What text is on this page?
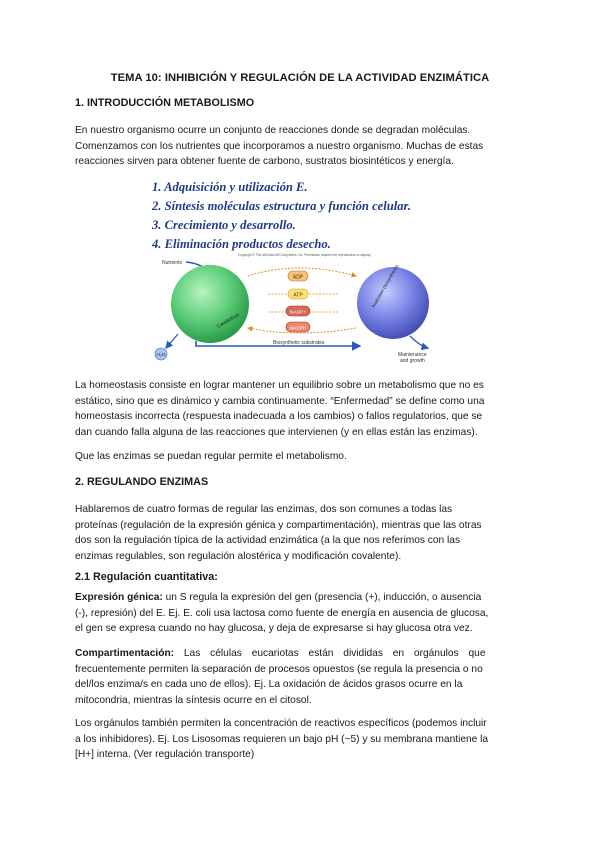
TEMA 10: INHIBICIÓN Y REGULACIÓN DE LA ACTIVIDAD ENZIMÁTICA
1. INTRODUCCIÓN METABOLISMO
En nuestro organismo ocurre un conjunto de reacciones donde se degradan moléculas.
Comenzamos con los nutrientes que incorporamos a nuestro organismo. Muchas de estas
reacciones sirven para obtener fuente de carbono, sustratos biosintéticos y energía.
1. Adquisición y utilización E.
2. Síntesis moléculas estructura y función celular.
3. Crecimiento y desarrollo.
4. Eliminación productos desecho.
Copyright © The McGraw-Hill Companies, Inc. Permission required for reproduction or display.
Nutrients
Catabolism
Anabolism (biosynthesis)
ADP
ATP
NADP+
NADPH
Biosynthetic substrates
H₂O	Maintenance
and growth
La homeostasis consiste en lograr mantener un equilibrio sobre un metabolismo que no es
estático, sino que es dinámico y cambia continuamente. “Enfermedad” se define como una
homeostasis incorrecta (respuesta inadecuada a los cambios) o fallos regulatorios, que se
dan cuando falla alguna de las reacciones que intervienen (y en ellas están las enzimas).
Que las enzimas se puedan regular permite el metabolismo.
2. REGULANDO ENZIMAS
Hablaremos de cuatro formas de regular las enzimas, dos son comunes a todas las
proteínas (regulación de la expresión génica y compartimentación), mientras que las otras
dos son la regulación típica de la actividad enzimática (a la que nos referimos con las
enzimas regulables, son regulación alostérica y modificación covalente).
2.1 Regulación cuantitativa:
Expresión génica: un S regula la expresión del gen (presencia (+), inducción, o ausencia
(-), represión) del E. Ej. E. coli usa lactosa como fuente de energía en ausencia de glucosa,
el gen se expresa cuando no hay glucosa, y deja de expresarse si hay glucosa otra vez.
Compartimentación: Las células eucariotas están divididas en orgánulos que
frecuentemente permiten la separación de procesos opuestos (se regula la presencia o no
del/los enzima/s en cada uno de ellos). Ej. La oxidación de ácidos grasos ocurre en la
mitocondria, mientras la síntesis ocurre en el citosol.
Los orgánulos también permiten la concentración de reactivos específicos (podemos incluir
a los inhibidores). Ej. Los Lisosomas requieren un bajo pH (~5) y su membrana mantiene la
[H+] interna. (Ver regulación transporte)
